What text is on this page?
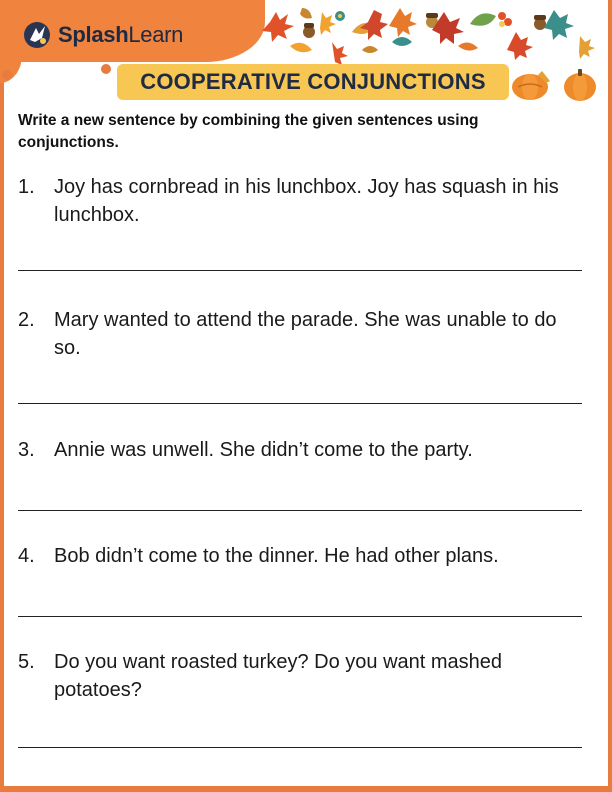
SplashLearn
COOPERATIVE CONJUNCTIONS
Write a new sentence by combining the given sentences using conjunctions.
1. Joy has cornbread in his lunchbox. Joy has squash in his lunchbox.
2. Mary wanted to attend the parade. She was unable to do so.
3. Annie was unwell. She didn’t come to the party.
4. Bob didn’t come to the dinner. He had other plans.
5. Do you want roasted turkey? Do you want mashed potatoes?
